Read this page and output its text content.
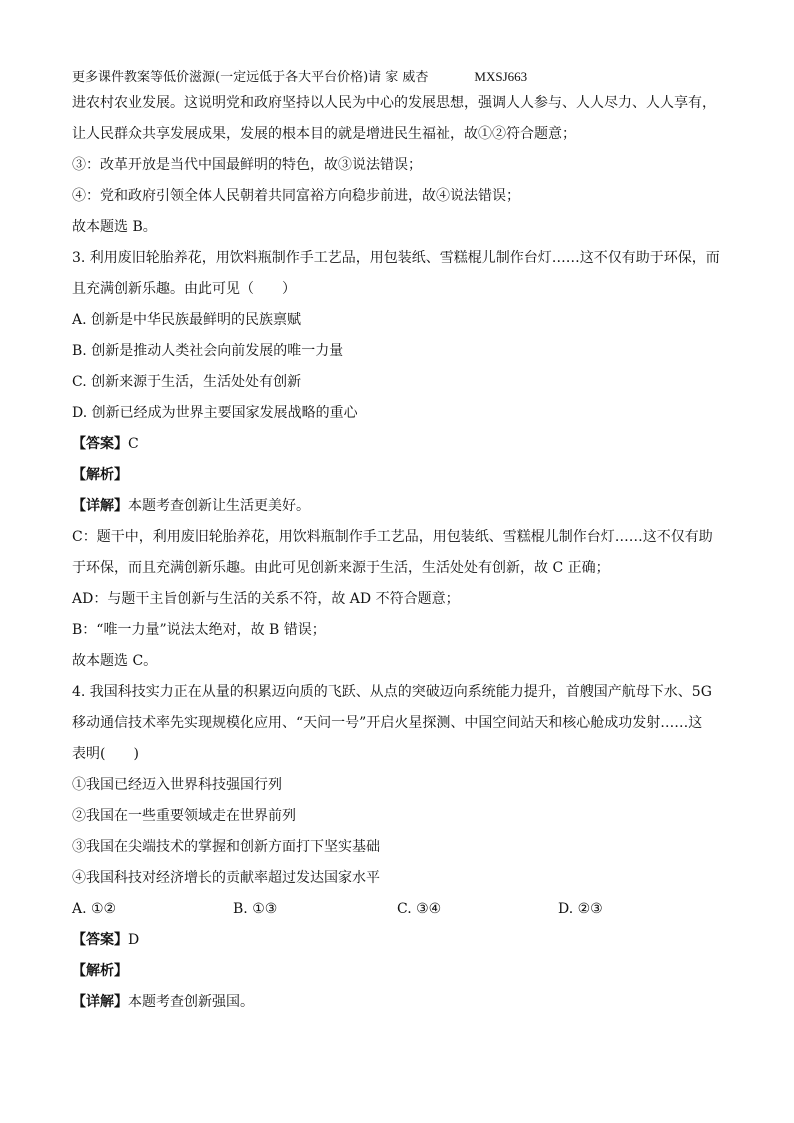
更多课件教案等低价滋源(一定远低于各大平台价格)请 家 威杏	MXSJ663
进农村农业发展。这说明党和政府坚持以人民为中心的发展思想，强调人人参与、人人尽力、人人享有，
让人民群众共享发展成果，发展的根本目的就是增进民生福祉，故①②符合题意；
③：改革开放是当代中国最鲜明的特色，故③说法错误；
④：党和政府引领全体人民朝着共同富裕方向稳步前进，故④说法错误；
故本题选 B。
3. 利用废旧轮胎养花，用饮料瓶制作手工艺品，用包装纸、雪糕棍儿制作台灯……这不仅有助于环保，而
且充满创新乐趣。由此可见（　　）
A. 创新是中华民族最鲜明的民族禀赋
B. 创新是推动人类社会向前发展的唯一力量
C. 创新来源于生活，生活处处有创新
D. 创新已经成为世界主要国家发展战略的重心
【答案】C
【解析】
【详解】本题考查创新让生活更美好。
C：题干中，利用废旧轮胎养花，用饮料瓶制作手工艺品，用包装纸、雪糕棍儿制作台灯……这不仅有助
于环保，而且充满创新乐趣。由此可见创新来源于生活，生活处处有创新，故 C 正确；
AD：与题干主旨创新与生活的关系不符，故 AD 不符合题意；
B：“唯一力量”说法太绝对，故 B 错误；
故本题选 C。
4. 我国科技实力正在从量的积累迈向质的飞跃、从点的突破迈向系统能力提升，首艘国产航母下水、5G
移动通信技术率先实现规模化应用、“天问一号”开启火星探测、中国空间站天和核心舱成功发射……这
表明(　　)
①我国已经迈入世界科技强国行列
②我国在一些重要领域走在世界前列
③我国在尖端技术的掌握和创新方面打下坚实基础
④我国科技对经济增长的贡献率超过发达国家水平
A. ①②	B. ①③	C. ③④	D. ②③
【答案】D
【解析】
【详解】本题考查创新强国。
